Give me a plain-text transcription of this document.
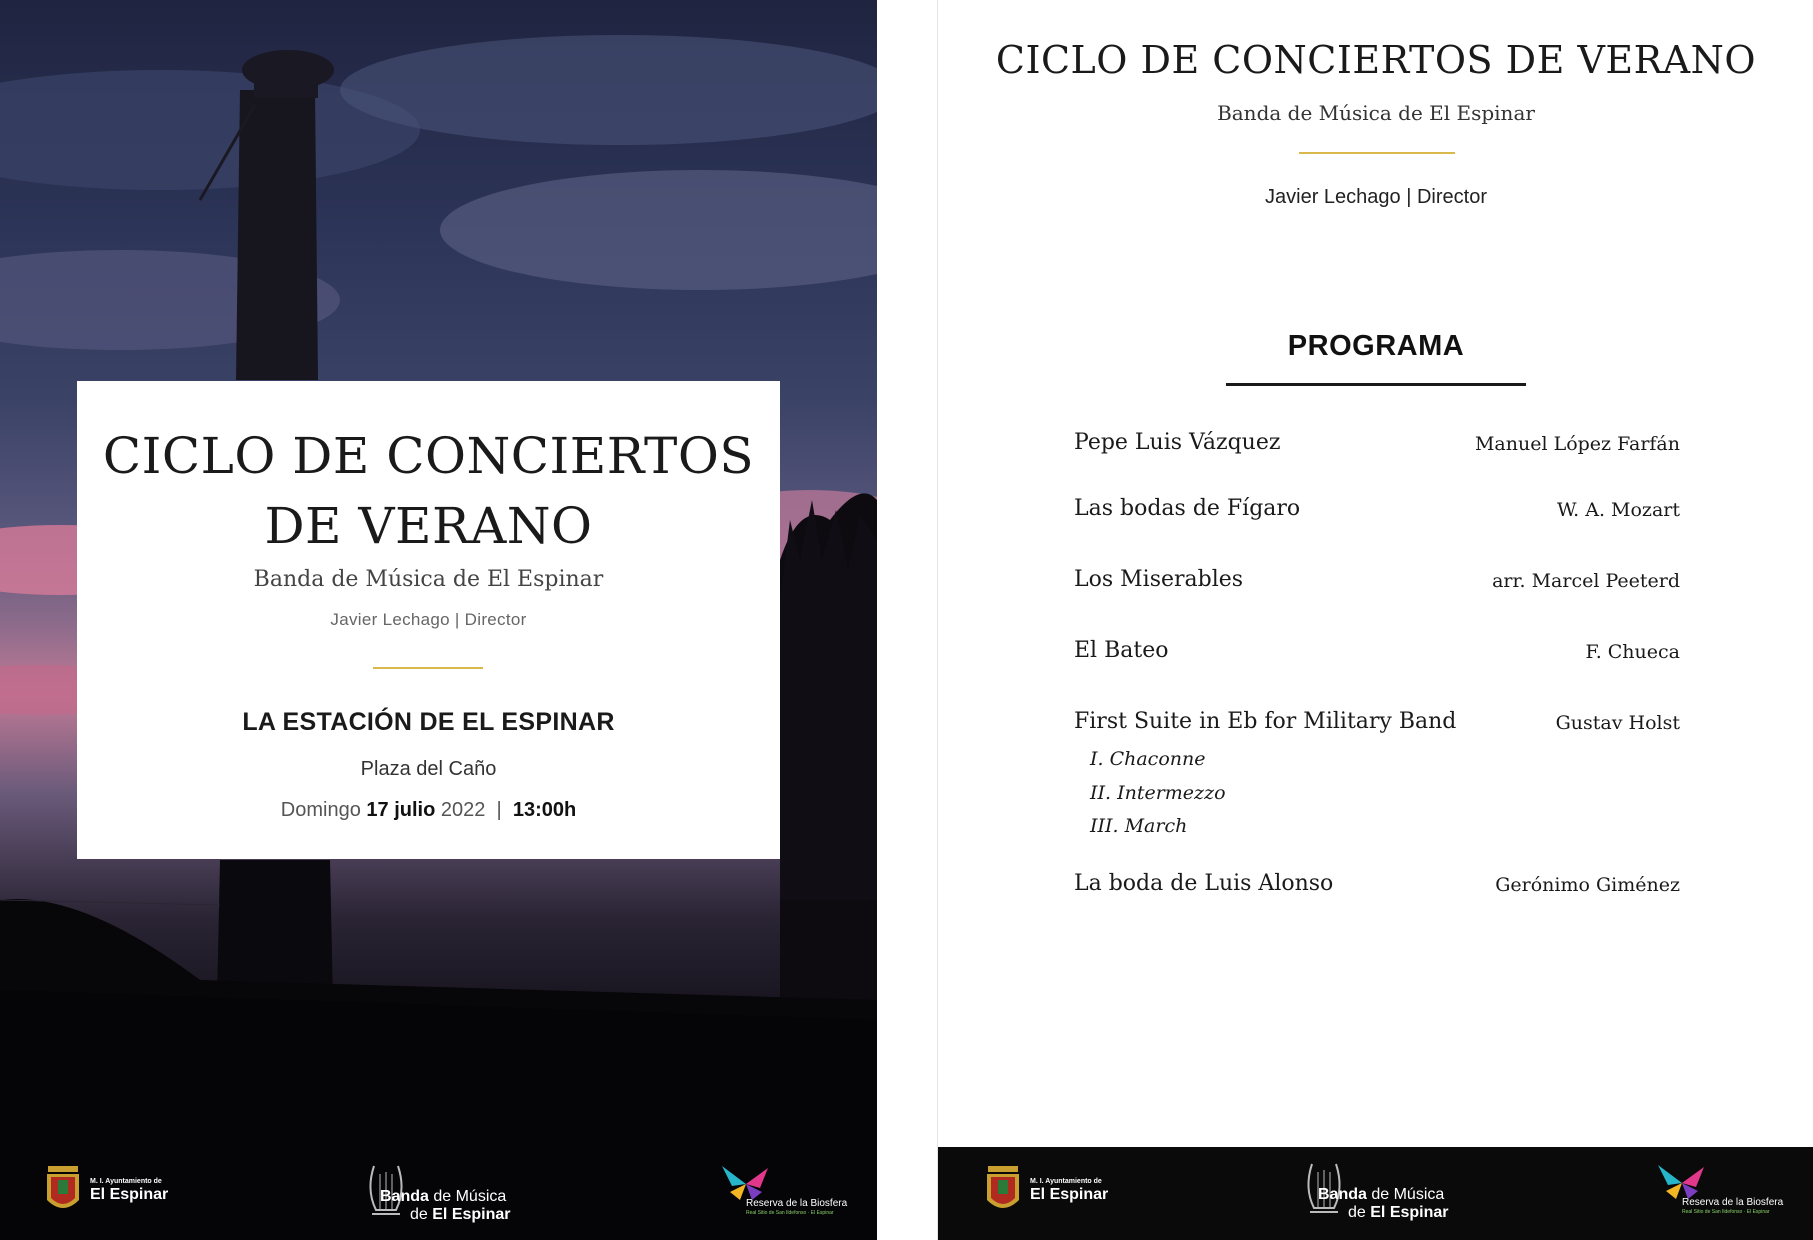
CICLO DE CONCIERTOS
DE VERANO
Banda de Música de El Espinar
Javier Lechago | Director
LA ESTACIÓN DE EL ESPINAR
Plaza del Caño
Domingo 17 julio 2022 | 13:00h
M. I. Ayuntamiento de
El Espinar	Banda de Música
de El Espinar
Reserva de la Biosfera
Real Sitio de San Ildefonso · El Espinar
CICLO DE CONCIERTOS DE VERANO
Banda de Música de El Espinar
Javier Lechago | Director
PROGRAMA
Pepe Luis Vázquez	Manuel López Farfán
Las bodas de Fígaro	W. A. Mozart
Los Miserables	arr. Marcel Peeterd
El Bateo	F. Chueca
First Suite in Eb for Military Band	Gustav Holst
I. Chaconne
II. Intermezzo
III. March
La boda de Luis Alonso	Gerónimo Giménez
M. I. Ayuntamiento de
El Espinar	Banda de Música
de El Espinar
Reserva de la Biosfera
Real Sitio de San Ildefonso · El Espinar
